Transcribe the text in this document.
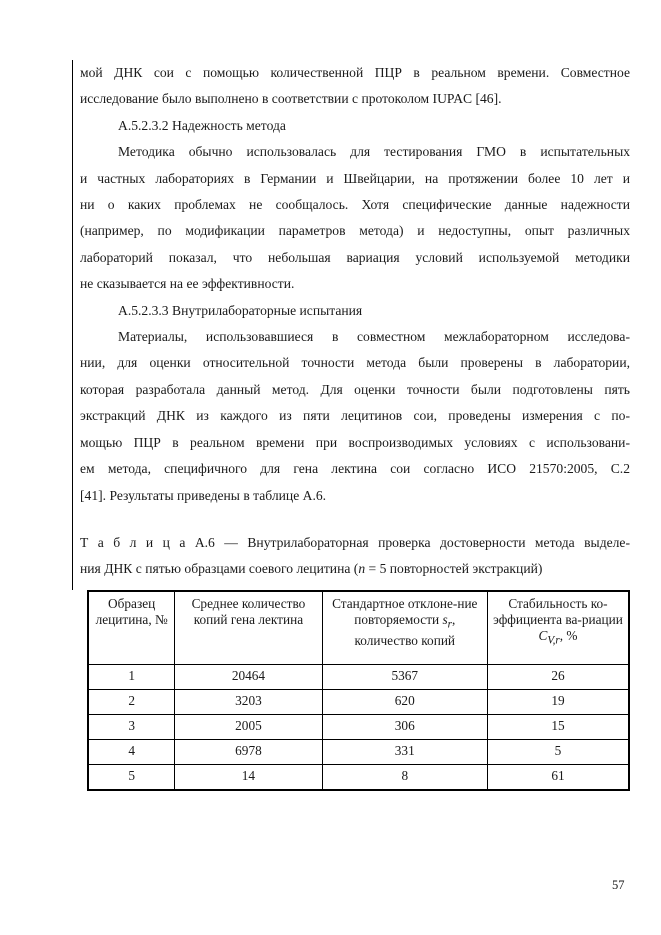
мой ДНК сои с помощью количественной ПЦР в реальном времени. Совместное

исследование было выполнено в соответствии с протоколом IUPAC [46].

А.5.2.3.2 Надежность метода

Методика обычно использовалась для тестирования ГМО в испытательных

и частных лабораториях в Германии и Швейцарии, на протяжении более 10 лет и

ни о каких проблемах не сообщалось. Хотя специфические данные надежности

(например, по модификации параметров метода) и недоступны, опыт различных

лабораторий показал, что небольшая вариация условий используемой методики

не сказывается на ее эффективности.

А.5.2.3.3 Внутрилабораторные испытания

Материалы, использовавшиеся в совместном межлабораторном исследова-

нии, для оценки относительной точности метода были проверены в лаборатории,

которая разработала данный метод. Для оценки точности были подготовлены пять

экстракций ДНК из каждого из пяти лецитинов сои, проведены измерения с по-

мощью ПЦР в реальном времени при воспроизводимых условиях с использовани-

ем метода, специфичного для гена лектина сои согласно ИСО 21570:2005, С.2

[41]. Результаты приведены в таблице А.6.

Т а б л и ц а А.6 — Внутрилабораторная проверка достоверности метода выделе-

ния ДНК с пятью образцами соевого лецитина (n = 5 повторностей экстракций)

Образец лецитина, №	Среднее количество копий гена лектина	Стандартное отклоне-ние повторяемости $s_r$, количество копий	Стабильность ко-эффициента ва-риации $C_{V,r}$, %
1	20464	5367	26
2	3203	620	19
3	2005	306	15
4	6978	331	5
5	14	8	61
57
